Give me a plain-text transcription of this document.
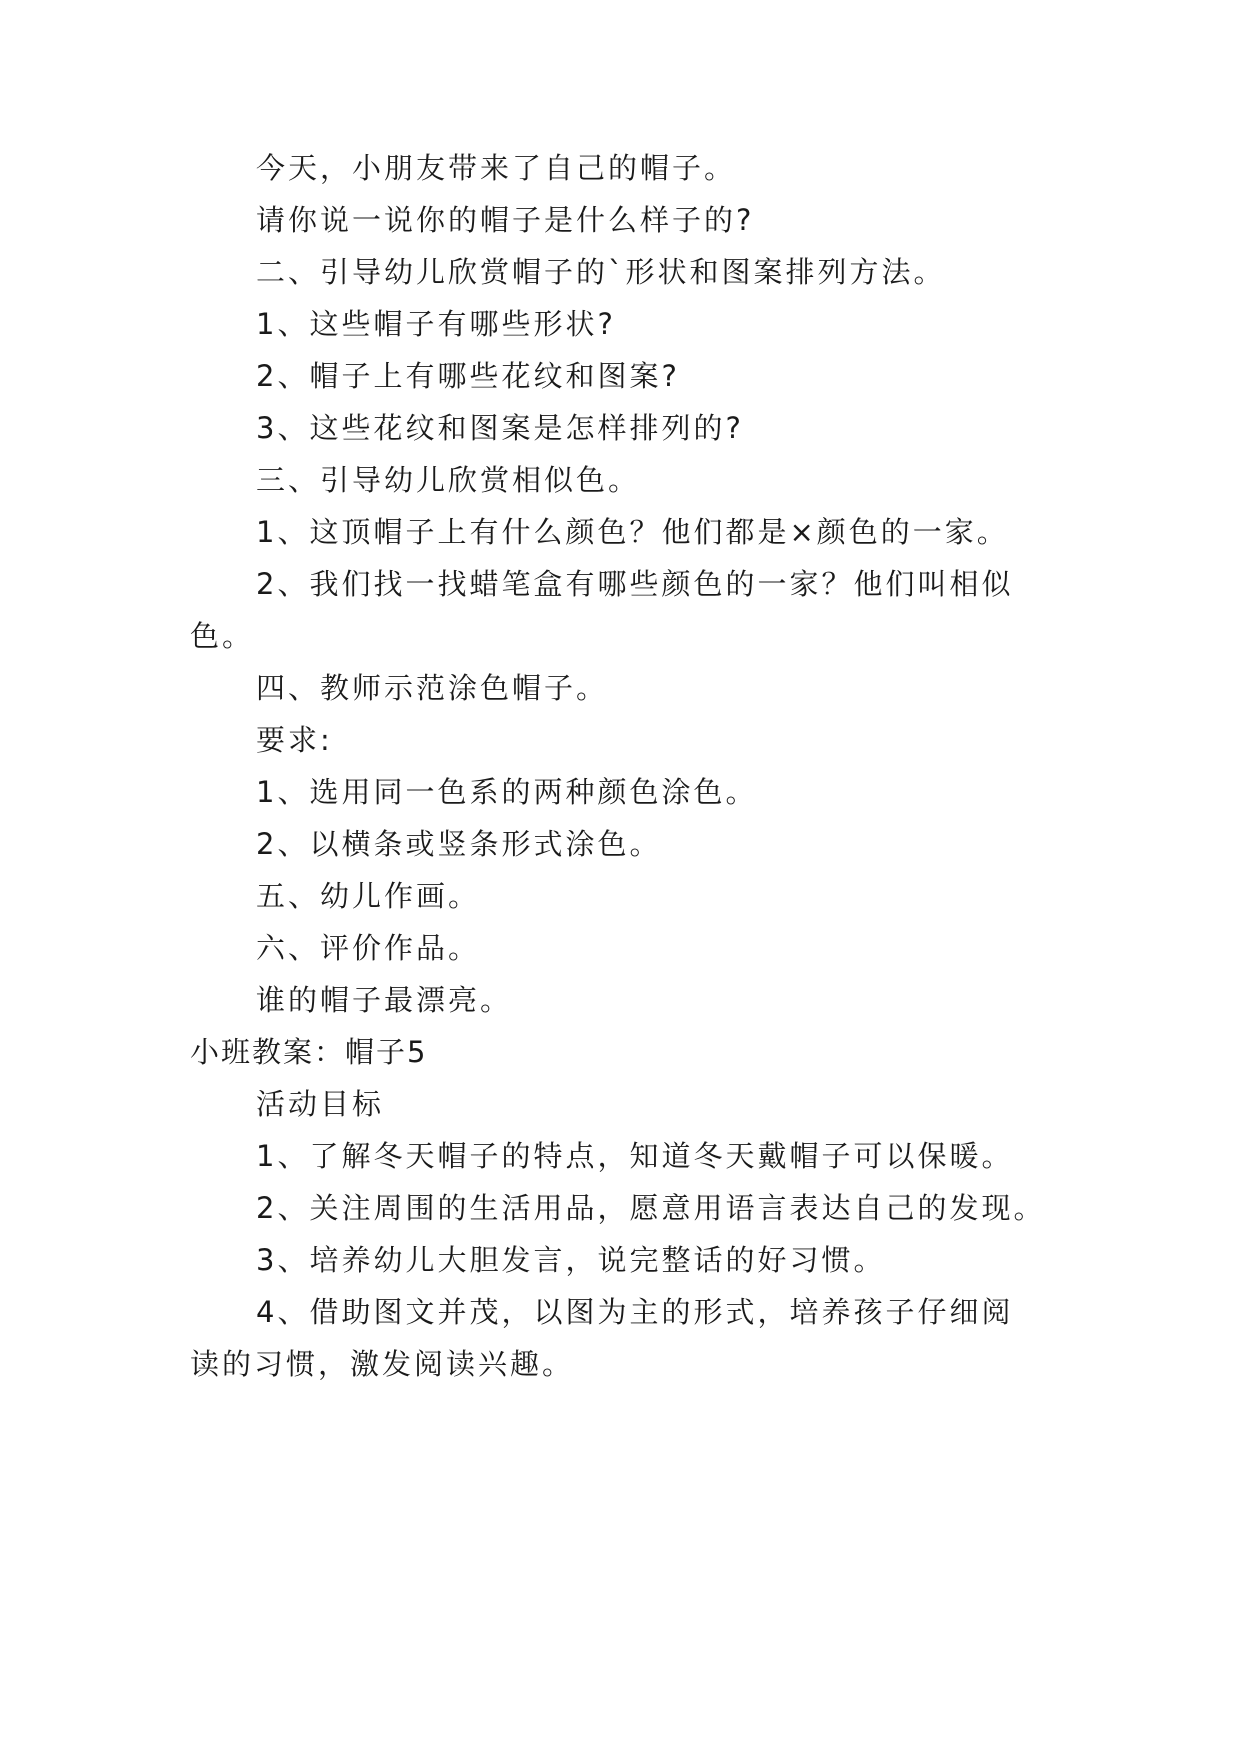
今天，小朋友带来了自己的帽子。
请你说一说你的帽子是什么样子的?
二、引导幼儿欣赏帽子的`形状和图案排列方法。
1、这些帽子有哪些形状?
2、帽子上有哪些花纹和图案?
3、这些花纹和图案是怎样排列的?
三、引导幼儿欣赏相似色。
1、这顶帽子上有什么颜色？他们都是×颜色的一家。
2、我们找一找蜡笔盒有哪些颜色的一家？他们叫相似
色。
四、教师示范涂色帽子。
要求:
1、选用同一色系的两种颜色涂色。
2、以横条或竖条形式涂色。
五、幼儿作画。
六、评价作品。
谁的帽子最漂亮。
小班教案：帽子5
活动目标
1、了解冬天帽子的特点，知道冬天戴帽子可以保暖。
2、关注周围的生活用品，愿意用语言表达自己的发现。
3、培养幼儿大胆发言，说完整话的好习惯。
4、借助图文并茂，以图为主的形式，培养孩子仔细阅
读的习惯，激发阅读兴趣。
